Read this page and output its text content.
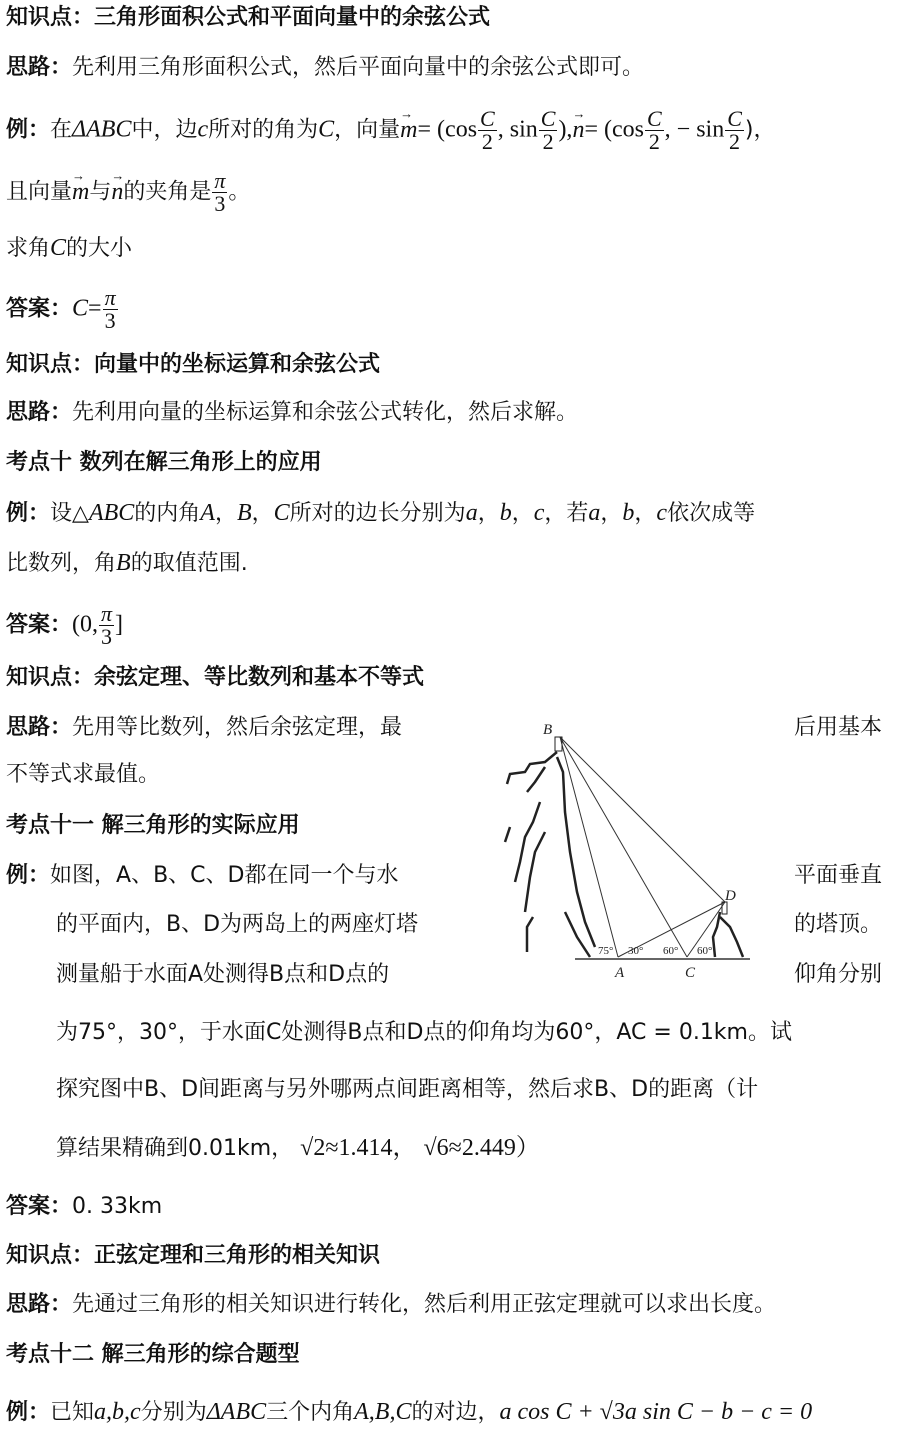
知识点：三角形面积公式和平面向量中的余弦公式
思路：先利用三角形面积公式，然后平面向量中的余弦公式即可。
例：在ΔABC中，边c所对的角为C，向量→ $m= (\cos \frac{C}{2}$ , $\sin \frac{C}{2}$ ),→ $n= (\cos \frac{C}{2}$ , − $\sin \frac{C}{2}$ )，
且向量→ m与→ n的夹角是 $\frac{\pi}{3}$ 。
求角C的大小
答案：$C= \frac{\pi}{3}$
知识点：向量中的坐标运算和余弦公式
思路：先利用向量的坐标运算和余弦公式转化，然后求解。
考点十 数列在解三角形上的应用
例：设△ABC的内角A，B，C所对的边长分别为a，b，c，若a，b，c依次成等
比数列，角B的取值范围.
答案：(0, $\frac{\pi}{3}$ ]
知识点：余弦定理、等比数列和基本不等式
思路：先用等比数列，然后余弦定理，最	后用基本
不等式求最值。
考点十一 解三角形的实际应用
例：如图，A、B、C、D都在同一个与水	平面垂直
的平面内，B、D为两岛上的两座灯塔	的塔顶。
测量船于水面A处测得B点和D点的	仰角分别
为75°，30°，于水面C处测得B点和D点的仰角均为60°，AC = 0.1km。试
探究图中B、D间距离与另外哪两点间距离相等，然后求B、D的距离（计
算结果精确到0.01km， √2≈1.414， √6≈2.449）
答案：0. 33km
知识点：正弦定理和三角形的相关知识
思路：先通过三角形的相关知识进行转化，然后利用正弦定理就可以求出长度。
考点十二 解三角形的综合题型
例：已知a,b,c分别为ΔABC三个内角A,B,C的对边，a cos C + √3a sin C − b − c = 0
B
D
A	C
75° 30° 60° 60°
